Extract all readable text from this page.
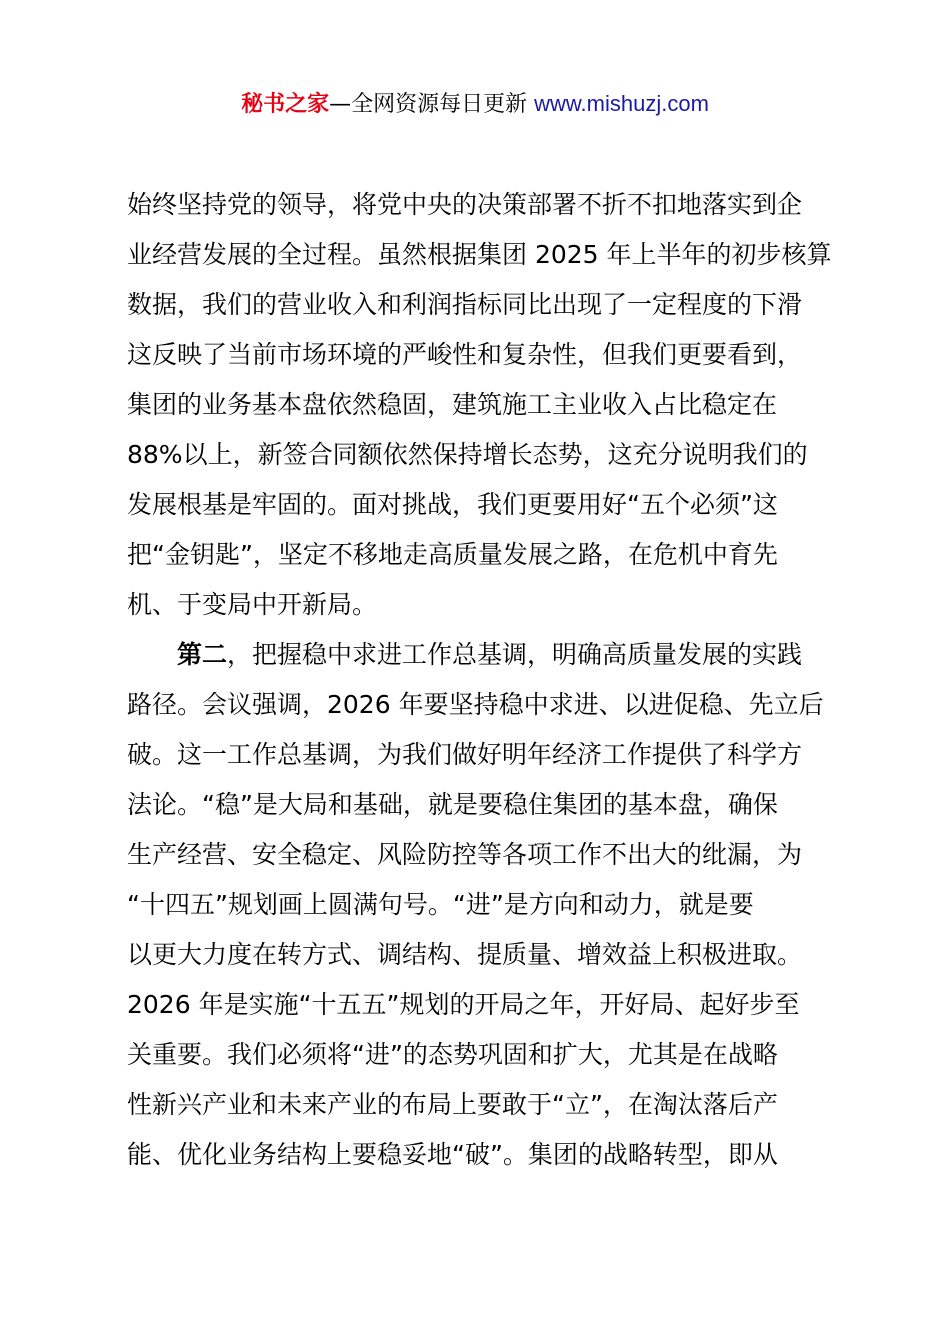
秘书之家—全网资源每日更新 www.mishuzj.com
始终坚持党的领导，将党中央的决策部署不折不扣地落实到企
业经营发展的全过程。虽然根据集团 2025 年上半年的初步核算
数据，我们的营业收入和利润指标同比出现了一定程度的下滑
这反映了当前市场环境的严峻性和复杂性，但我们更要看到，
集团的业务基本盘依然稳固，建筑施工主业收入占比稳定在
88%以上，新签合同额依然保持增长态势，这充分说明我们的
发展根基是牢固的。面对挑战，我们更要用好“五个必须”这
把“金钥匙”，坚定不移地走高质量发展之路，在危机中育先
机、于变局中开新局。
第二，把握稳中求进工作总基调，明确高质量发展的实践
路径。会议强调，2026 年要坚持稳中求进、以进促稳、先立后
破。这一工作总基调，为我们做好明年经济工作提供了科学方
法论。“稳”是大局和基础，就是要稳住集团的基本盘，确保
生产经营、安全稳定、风险防控等各项工作不出大的纰漏，为
“十四五”规划画上圆满句号。“进”是方向和动力，就是要
以更大力度在转方式、调结构、提质量、增效益上积极进取。
2026 年是实施“十五五”规划的开局之年，开好局、起好步至
关重要。我们必须将“进”的态势巩固和扩大，尤其是在战略
性新兴产业和未来产业的布局上要敢于“立”，在淘汰落后产
能、优化业务结构上要稳妥地“破”。集团的战略转型，即从
